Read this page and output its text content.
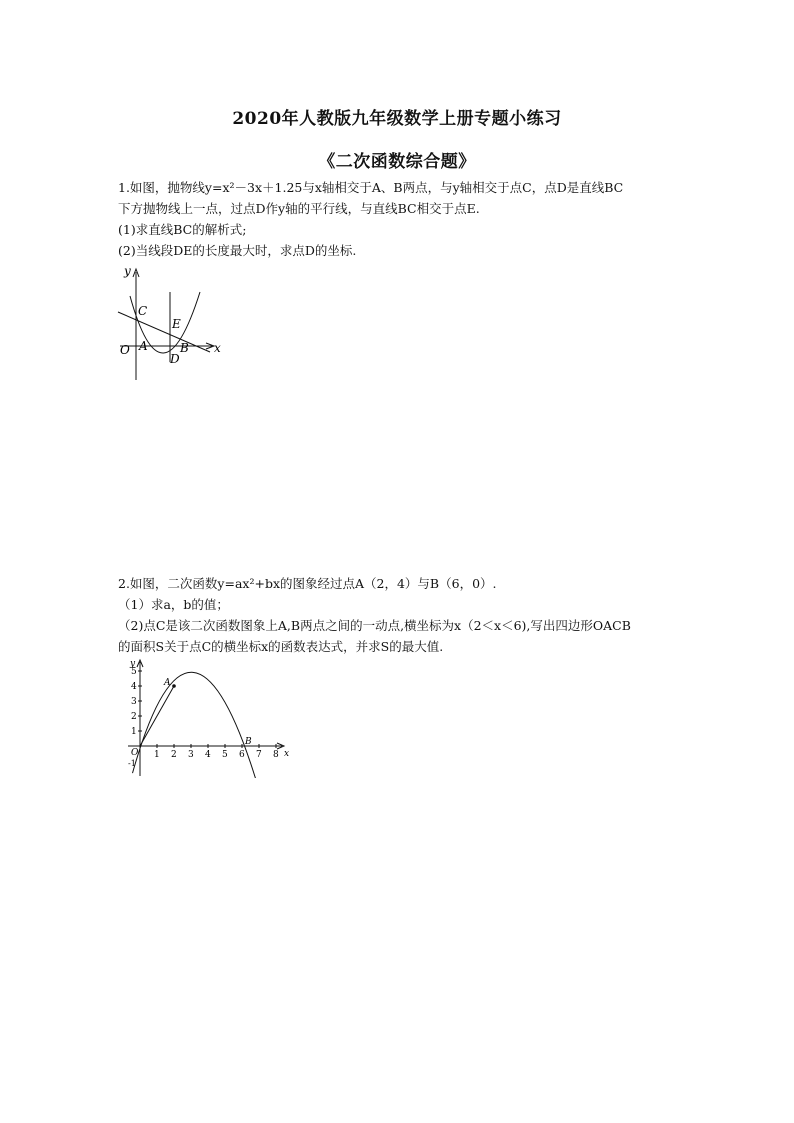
2020年人教版九年级数学上册专题小练习
《二次函数综合题》
1.如图，抛物线y=x²－3x＋1.25与x轴相交于A、B两点，与y轴相交于点C，点D是直线BC
下方抛物线上一点，过点D作y轴的平行线，与直线BC相交于点E.
(1)求直线BC的解析式;
(2)当线段DE的长度最大时，求点D的坐标.
y
x
O A	B
C
D
E
2.如图，二次函数y=ax²+bx的图象经过点A（2，4）与B（6，0）.
（1）求a，b的值；
（2)点C是该二次函数图象上A,B两点之间的一动点,横坐标为x（2＜x＜6),写出四边形OACB
的面积S关于点C的横坐标x的函数表达式，并求S的最大值.
y
x
O
A
B
1 2 3 4 5 6 7 8
1
2
3
4
5
-1
